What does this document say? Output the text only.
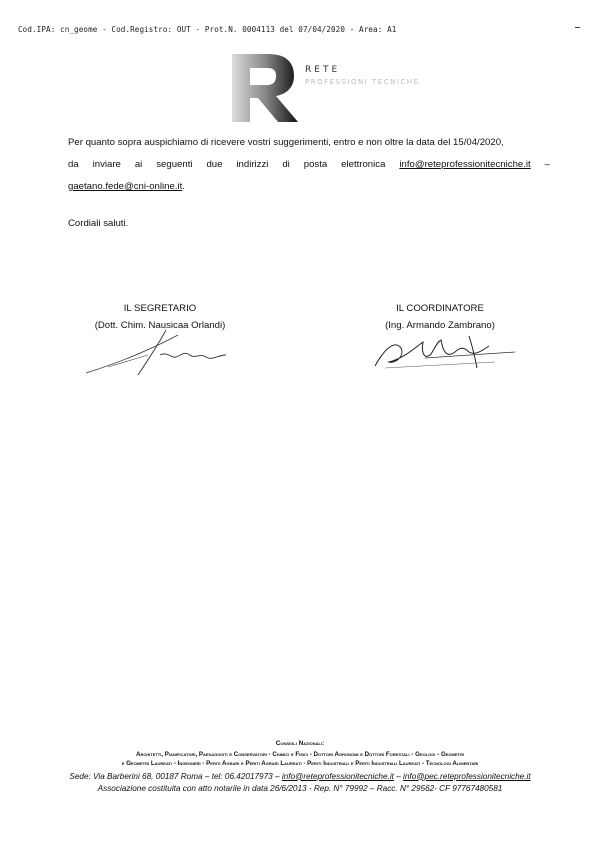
Cod.IPA: cn_geome - Cod.Registro: OUT - Prot.N. 0004113 del 07/04/2020 - Area: A1
RETE
PROFESSIONI TECNICHE
Per quanto sopra auspichiamo di ricevere vostri suggerimenti, entro e non oltre la data del 15/04/2020,
da inviare ai seguenti due indirizzi di posta elettronica info@reteprofessionitecniche.it –
gaetano.fede@cni-online.it.
Cordiali saluti.
IL SEGRETARIO
(Dott. Chim. Nausicaa Orlandi)
IL COORDINATORE
(Ing. Armando Zambrano)
Consigli Nazionali:
Architetti, Pianificatori, Paesaggisti e Conservatori - Chimici e Fisici - Dottori Agronomi e Dottori Forestali - Geologi - Geometri
e Geometri Laureati - Ingegneri - Periti Agrari e Periti Agrari Laureati - Periti Industriali e Periti Industriali Laureati - Tecnologi Alimentari
Sede: Via Barberini 68, 00187 Roma – tel: 06.42017973 – info@reteprofessionitecniche.it – info@pec.reteprofessionitecniche.it
Associazione costituita con atto notarile in data 26/6/2013 - Rep. N° 79992 – Racc. N° 29562- CF 97767480581
